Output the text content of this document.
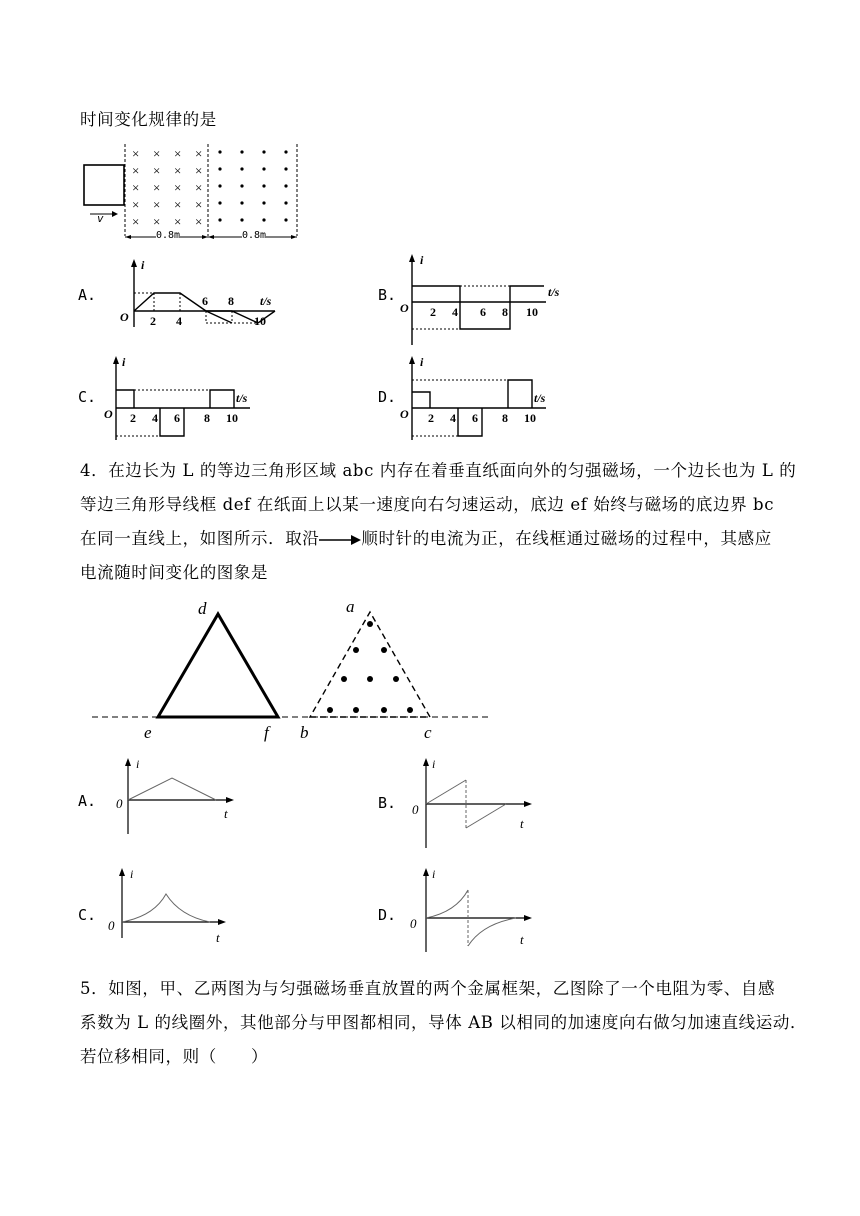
时间变化规律的是
× × × ×
× × × ×
× × × ×
× × × ×
× × × ×
v
0.8m	0.8m
A.
i
t/s
O 2 4
6 8
10
B.
i
t/s
O 2 4 6 8 10
C.
i
t/s
O 2 4 6 8 10
D.
i
t/s
O 2 4 6 8 10
4．在边长为 L 的等边三角形区域 abc 内存在着垂直纸面向外的匀强磁场，一个边长也为 L 的
等边三角形导线框 def 在纸面上以某一速度向右匀速运动，底边 ef 始终与磁场的底边界 bc
在同一直线上，如图所示．取沿	顺时针的电流为正，在线框通过磁场的过程中，其感应
电流随时间变化的图象是
d
e	f
a
b	c
A.
i
t
0	B.
i
t
0
C.
i
t
0
D.
i
t
0
5．如图，甲、乙两图为与匀强磁场垂直放置的两个金属框架，乙图除了一个电阻为零、自感
系数为 L 的线圈外，其他部分与甲图都相同，导体 AB 以相同的加速度向右做匀加速直线运动．
若位移相同，则（　　）
